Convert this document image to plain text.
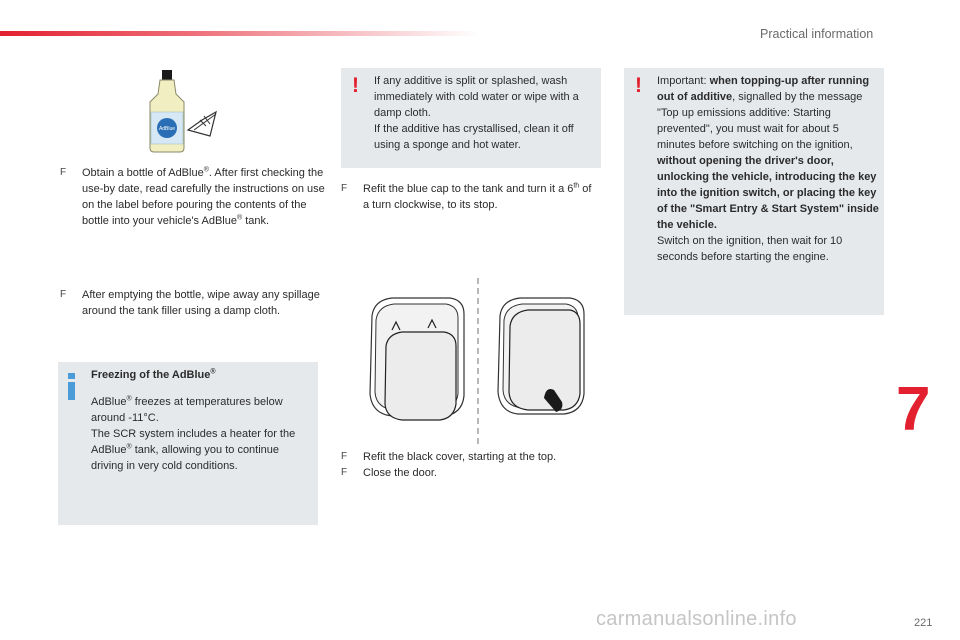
Practical information
AdBlue
F	Obtain a bottle of AdBlue®. After first checking the use-by date, read carefully the instructions on use on the label before pouring the contents of the bottle into your vehicle's AdBlue® tank.
F	After emptying the bottle, wipe away any spillage around the tank filler using a damp cloth.
Freezing of the AdBlue®
AdBlue® freezes at temperatures below around -11°C.
The SCR system includes a heater for the AdBlue® tank, allowing you to continue driving in very cold conditions.
!	If any additive is split or splashed, wash immediately with cold water or wipe with a damp cloth.
If the additive has crystallised, clean it off using a sponge and hot water.
F	Refit the blue cap to the tank and turn it a 6th of a turn clockwise, to its stop.
F	Refit the black cover, starting at the top.
F	Close the door.
!	Important: when topping-up after running out of additive, signalled by the message "Top up emissions additive: Starting prevented", you must wait for about 5 minutes before switching on the ignition, without opening the driver's door, unlocking the vehicle, introducing the key into the ignition switch, or placing the key of the "Smart Entry & Start System" inside the vehicle.
Switch on the ignition, then wait for 10 seconds before starting the engine.
7
221
carmanualsonline.info
